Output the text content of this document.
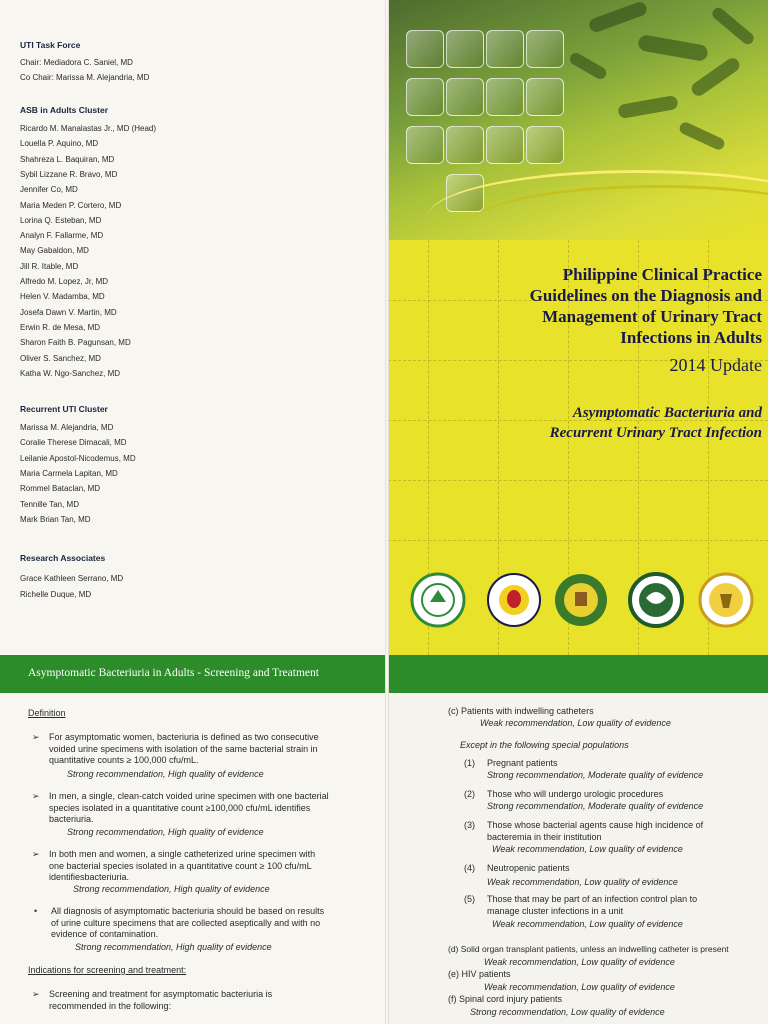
UTI Task Force
Chair: Mediadora C. Saniel, MD
Co Chair: Marissa M. Alejandria, MD
ASB in Adults Cluster
Ricardo M. Manalastas Jr., MD (Head)
Louella P. Aquino, MD
Shahreza L. Baquiran, MD
Sybil Lizzane R. Bravo, MD
Jennifer Co, MD
Maria Meden P. Cortero, MD
Lorina Q. Esteban, MD
Analyn F. Fallarme, MD
May Gabaldon, MD
Jill R. Itable, MD
Alfredo M. Lopez, Jr, MD
Helen V. Madamba, MD
Josefa Dawn V. Martin, MD
Erwin R. de Mesa, MD
Sharon Faith B. Pagunsan, MD
Oliver S. Sanchez, MD
Katha W. Ngo-Sanchez, MD
Recurrent UTI Cluster
Marissa M. Alejandria, MD
Coralie Therese Dimacali, MD
Leilanie Apostol-Nicodemus, MD
Maria Carmela Lapitan, MD
Rommel Bataclan, MD
Tennille Tan, MD
Mark Brian Tan, MD
Research Associates
Grace Kathleen Serrano, MD
Richelle Duque, MD
Philippine Clinical Practice
Guidelines on the Diagnosis and
Management of Urinary Tract
Infections in Adults
2014 Update
Asymptomatic Bacteriuria and
Recurrent Urinary Tract Infection
Asymptomatic Bacteriuria in Adults - Screening and Treatment
Definition
➢ For asymptomatic women, bacteriuria is defined as two consecutive
voided urine specimens with isolation of the same bacterial strain in
quantitative counts ≥ 100,000 cfu/mL.
Strong recommendation, High quality of evidence
➢ In men, a single, clean-catch voided urine specimen with one bacterial
species isolated in a quantitative count ≥100,000 cfu/mL identifies
bacteriuria.
Strong recommendation, High quality of evidence
➢ In both men and women, a single catheterized urine specimen with
one bacterial species isolated in a quantitative count ≥ 100 cfu/mL
identifiesbacteriuria.
Strong recommendation, High quality of evidence
• All diagnosis of asymptomatic bacteriuria should be based on results
of urine culture specimens that are collected aseptically and with no
evidence of contamination.
Strong recommendation, High quality of evidence
Indications for screening and treatment:
➢ Screening and treatment for asymptomatic bacteriuria is
recommended in the following:
(c) Patients with indwelling catheters
Weak recommendation, Low quality of evidence
Except in the following special populations
(1) Pregnant patients
Strong recommendation, Moderate quality of evidence
(2) Those who will undergo urologic procedures
Strong recommendation, Moderate quality of evidence
(3) Those whose bacterial agents cause high incidence of
bacteremia in their institution
Weak recommendation, Low quality of evidence
(4) Neutropenic patients
Weak recommendation, Low quality of evidence
(5) Those that may be part of an infection control plan to
manage cluster infections in a unit
Weak recommendation, Low quality of evidence
(d) Solid organ transplant patients, unless an indwelling catheter is present
Weak recommendation, Low quality of evidence
(e) HIV patients
Weak recommendation, Low quality of evidence
(f) Spinal cord injury patients
Strong recommendation, Low quality of evidence
